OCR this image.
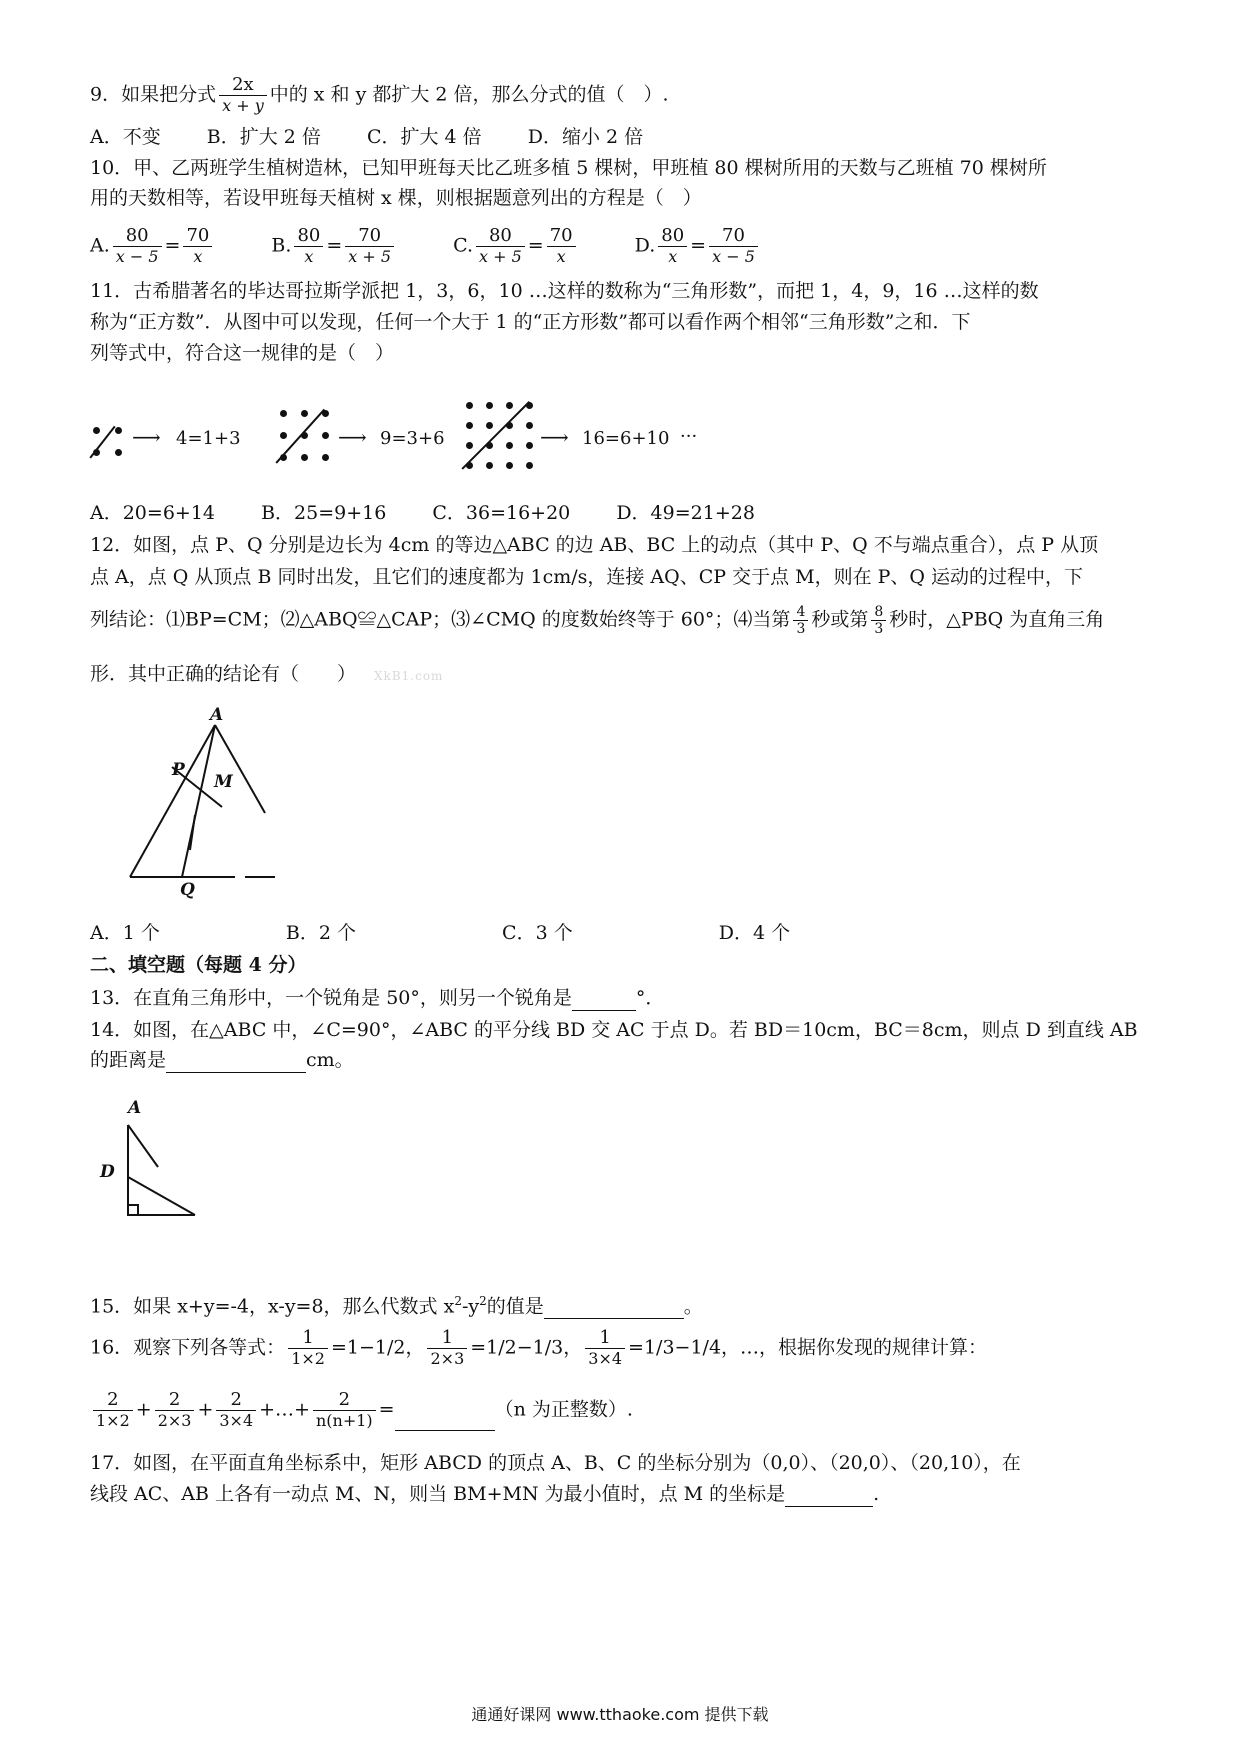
9．如果把分式 $\frac{2x}{x + y}$ 中的 x 和 y 都扩大 2 倍，那么分式的值（　）.
A．不变 B．扩大 2 倍 C．扩大 4 倍 D．缩小 2 倍
10．甲、乙两班学生植树造林，已知甲班每天比乙班多植 5 棵树，甲班植 80 棵树所用的天数与乙班植 70 棵树所
用的天数相等，若设甲班每天植树 x 棵，则根据题意列出的方程是（　）
A. $\frac{80}{x - 5} = \frac{70}{x}$	B. $\frac{80}{x} = \frac{70}{x + 5}$	C. $\frac{80}{x + 5} = \frac{70}{x}$	D. $\frac{80}{x} = \frac{70}{x - 5}$
11．古希腊著名的毕达哥拉斯学派把 1，3，6，10 …这样的数称为“三角形数”，而把 1，4，9，16 …这样的数
称为“正方数”．从图中可以发现，任何一个大于 1 的“正方形数”都可以看作两个相邻“三角形数”之和．下
列等式中，符合这一规律的是（　）
⟶ 4=1+3	⟶ 9=3+6	⟶ 16=6+10 ···
A．20=6+14 B．25=9+16 C．36=16+20 D．49=21+28
12．如图，点 P、Q 分别是边长为 4cm 的等边△ABC 的边 AB、BC 上的动点（其中 P、Q 不与端点重合），点 P 从顶
点 A，点 Q 从顶点 B 同时出发，且它们的速度都为 1cm/s，连接 AQ、CP 交于点 M，则在 P、Q 运动的过程中，下
列结论：⑴BP=CM；⑵△ABQ≌△CAP；⑶∠CMQ 的度数始终等于 60°；⑷当第 $\frac{4}{3}$ 秒或第 $\frac{8}{3}$ 秒时，△PBQ 为直角三角
形．其中正确的结论有（　　） XkB1.com
A
P
M
Q
A．1 个	B．2 个	C．3 个	D．4 个
二、填空题（每题 4 分）
13．在直角三角形中，一个锐角是 50°，则另一个锐角是	°．
14．如图，在△ABC 中，∠C=90°，∠ABC 的平分线 BD 交 AC 于点 D。若 BD＝10cm，BC＝8cm，则点 D 到直线 AB
的距离是	cm。
A
D
15．如果 x+y=-4，x-y=8，那么代数式 $x^2-y^2$的值是	。
16．观察下列各等式： $\frac{1}{1\times 2} =1-1/2$， $\frac{1}{2\times 3} =1/2-1/3$， $\frac{1}{3\times 4} =1/3-1/4$，…，根据你发现的规律计算：
$\frac{2}{1\times 2} + \frac{2}{2\times 3} + \frac{2}{3\times 4}$ +…+ $\frac{2}{n(n+1)}$ =	（n 为正整数）.
17．如图，在平面直角坐标系中，矩形 ABCD 的顶点 A、B、C 的坐标分别为（0,0）、（20,0）、（20,10），在
线段 AC、AB 上各有一动点 M、N，则当 BM+MN 为最小值时，点 M 的坐标是	.
通通好课网 www.tthaoke.com 提供下载
